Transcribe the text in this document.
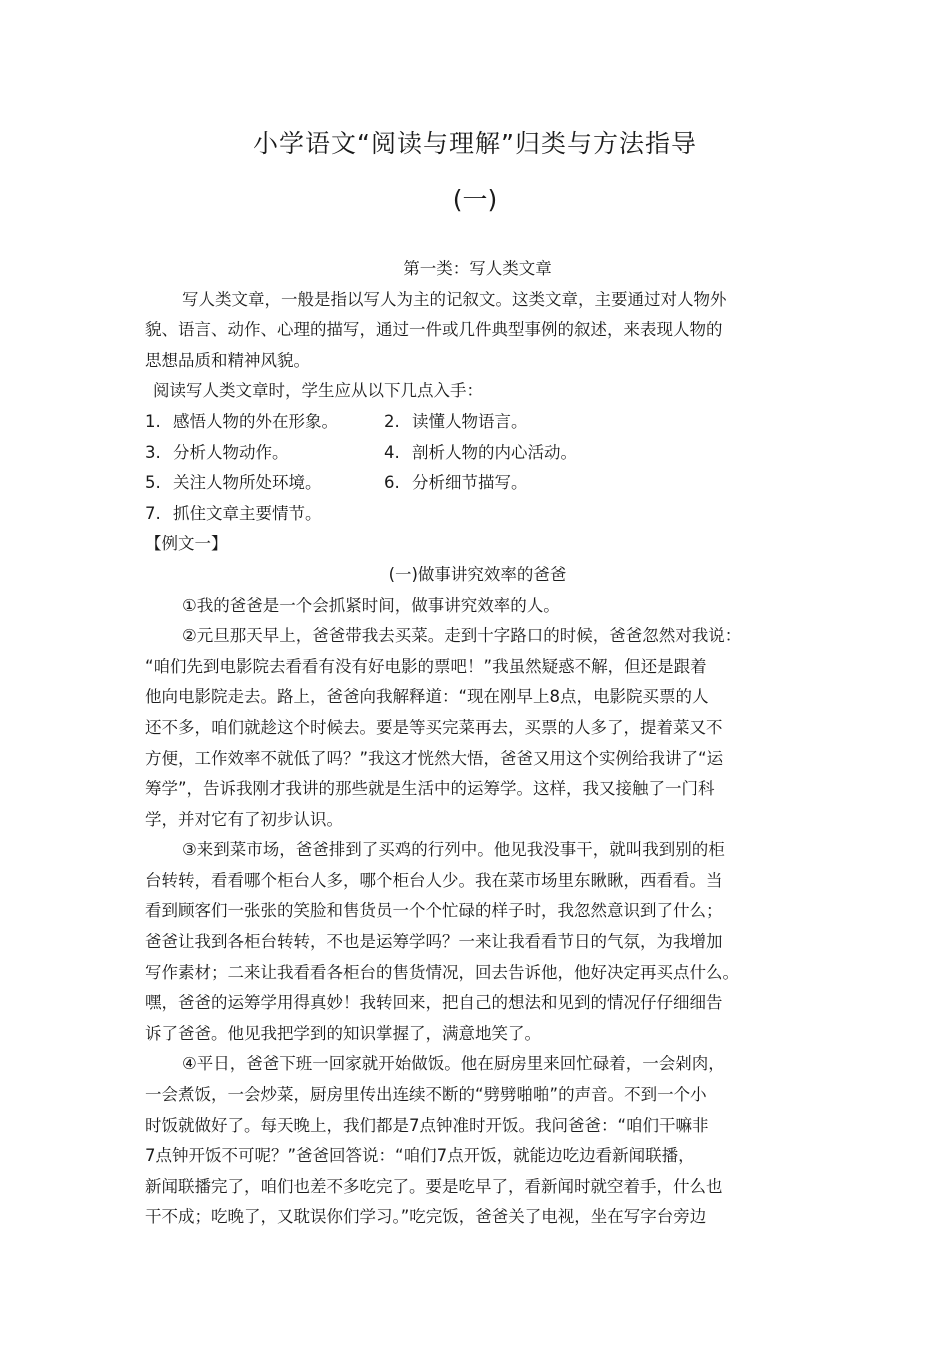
小学语文“阅读与理解”归类与方法指导
(一)
第一类：写人类文章
写人类文章，一般是指以写人为主的记叙文。这类文章，主要通过对人物外
貌、语言、动作、心理的描写，通过一件或几件典型事例的叙述，来表现人物的
思想品质和精神风貌。
阅读写人类文章时，学生应从以下几点入手：
1. 感悟人物的外在形象。	2. 读懂人物语言。
3. 分析人物动作。	4. 剖析人物的内心活动。
5. 关注人物所处环境。	6. 分析细节描写。
7. 抓住文章主要情节。
【例文一】
(一)做事讲究效率的爸爸
①我的爸爸是一个会抓紧时间，做事讲究效率的人。
②元旦那天早上，爸爸带我去买菜。走到十字路口的时候，爸爸忽然对我说：
“咱们先到电影院去看看有没有好电影的票吧！”我虽然疑惑不解，但还是跟着
他向电影院走去。路上，爸爸向我解释道：“现在刚早上8点，电影院买票的人
还不多，咱们就趁这个时候去。要是等买完菜再去，买票的人多了，提着菜又不
方便，工作效率不就低了吗？”我这才恍然大悟，爸爸又用这个实例给我讲了“运
筹学”，告诉我刚才我讲的那些就是生活中的运筹学。这样，我又接触了一门科
学，并对它有了初步认识。
③来到菜市场，爸爸排到了买鸡的行列中。他见我没事干，就叫我到别的柜
台转转，看看哪个柜台人多，哪个柜台人少。我在菜市场里东瞅瞅，西看看。当
看到顾客们一张张的笑脸和售货员一个个忙碌的样子时，我忽然意识到了什么；
爸爸让我到各柜台转转，不也是运筹学吗？一来让我看看节日的气氛，为我增加
写作素材；二来让我看看各柜台的售货情况，回去告诉他，他好决定再买点什么。
嘿，爸爸的运筹学用得真妙！我转回来，把自己的想法和见到的情况仔仔细细告
诉了爸爸。他见我把学到的知识掌握了，满意地笑了。
④平日，爸爸下班一回家就开始做饭。他在厨房里来回忙碌着，一会剁肉，
一会煮饭，一会炒菜，厨房里传出连续不断的“劈劈啪啪”的声音。不到一个小
时饭就做好了。每天晚上，我们都是7点钟准时开饭。我问爸爸：“咱们干嘛非
7点钟开饭不可呢？”爸爸回答说：“咱们7点开饭，就能边吃边看新闻联播，
新闻联播完了，咱们也差不多吃完了。要是吃早了，看新闻时就空着手，什么也
干不成；吃晚了，又耽误你们学习。”吃完饭，爸爸关了电视，坐在写字台旁边
